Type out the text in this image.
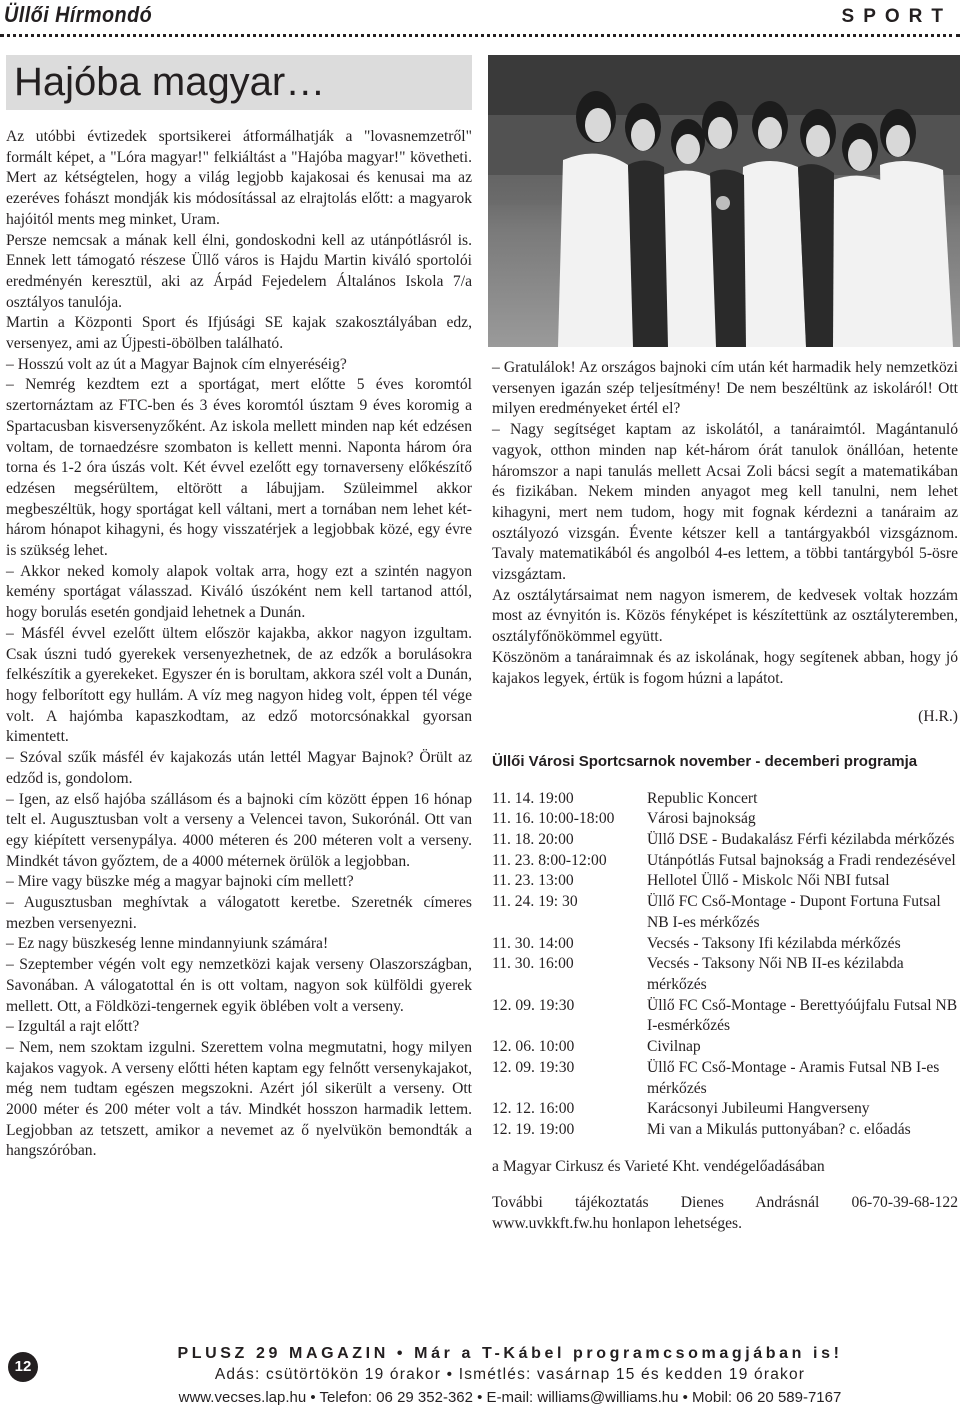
Üllői Hírmondó	SPORT
Hajóba magyar…

Az utóbbi évtizedek sportsikerei átformálhatják a "lovasnemzetről" formált képet, a "Lóra magyar!" felkiáltást a "Hajóba magyar!" követheti. Mert az kétségtelen, hogy a világ legjobb kajakosai és kenusai ma az ezeréves fohászt mondják kis módosítással az elrajtolás előtt: a magyarok hajóitól ments meg minket, Uram.

Persze nemcsak a mának kell élni, gondoskodni kell az utánpótlásról is. Ennek lett támogató részese Üllő város is Hajdu Martin kiváló sportolói eredményén keresztül, aki az Árpád Fejedelem Általános Iskola 7/a osztályos tanulója.

Martin a Központi Sport és Ifjúsági SE kajak szakosztályában edz, versenyez, ami az Újpesti-öbölben található.

– Hosszú volt az út a Magyar Bajnok cím elnyeréséig?

– Nemrég kezdtem ezt a sportágat, mert előtte 5 éves koromtól szertornáztam az FTC-ben és 3 éves koromtól úsztam 9 éves koromig a Spartacusban kisversenyzőként. Az iskola mellett minden nap két edzésen voltam, de tornaedzésre szombaton is kellett menni. Naponta három óra torna és 1-2 óra úszás volt. Két évvel ezelőtt egy tornaverseny előkészítő edzésen megsérültem, eltörött a lábujjam. Szüleimmel akkor megbeszéltük, hogy sportágat kell váltani, mert a tornában nem lehet két-három hónapot kihagyni, és hogy visszatérjek a legjobbak közé, egy évre is szükség lehet.

– Akkor neked komoly alapok voltak arra, hogy ezt a szintén nagyon kemény sportágat válasszad. Kiváló úszóként nem kell tartanod attól, hogy borulás esetén gondjaid lehetnek a Dunán.

– Másfél évvel ezelőtt ültem először kajakba, akkor nagyon izgultam. Csak úszni tudó gyerekek versenyezhetnek, de az edzők a borulásokra felkészítik a gyerekeket. Egyszer én is borultam, akkora szél volt a Dunán, hogy felborított egy hullám. A víz meg nagyon hideg volt, éppen tél vége volt. A hajómba kapaszkodtam, az edző motorcsónakkal gyorsan kimentett.

– Szóval szűk másfél év kajakozás után lettél Magyar Bajnok? Örült az edződ is, gondolom.

– Igen, az első hajóba szállásom és a bajnoki cím között éppen 16 hónap telt el. Augusztusban volt a verseny a Velencei tavon, Sukorónál. Ott van egy kiépített versenypálya. 4000 méteren és 200 méteren volt a verseny. Mindkét távon győztem, de a 4000 méternek örülök a legjobban.

– Mire vagy büszke még a magyar bajnoki cím mellett?

– Augusztusban meghívtak a válogatott keretbe. Szeretnék címeres mezben versenyezni.

– Ez nagy büszkeség lenne mindannyiunk számára!

– Szeptember végén volt egy nemzetközi kajak verseny Olaszországban, Savonában. A válogatottal én is ott voltam, nagyon sok külföldi gyerek mellett. Ott, a Földközi-tengernek egyik öblében volt a verseny.

– Izgultál a rajt előtt?

– Nem, nem szoktam izgulni. Szerettem volna megmutatni, hogy milyen kajakos vagyok. A verseny előtti héten kaptam egy felnőtt versenykajakot, még nem tudtam egészen megszokni. Azért jól sikerült a verseny. Ott 2000 méter és 200 méter volt a táv. Mindkét hosszon harmadik lettem. Legjobban az tetszett, amikor a nevemet az ő nyelvükön bemondták a hangszóróban.

– Gratulálok! Az országos bajnoki cím után két harmadik hely nemzetközi versenyen igazán szép teljesítmény! De nem beszéltünk az iskoláról! Ott milyen eredményeket értél el?

– Nagy segítséget kaptam az iskolától, a tanáraimtól. Magántanuló vagyok, otthon minden nap két-három órát tanulok önállóan, hetente háromszor a napi tanulás mellett Acsai Zoli bácsi segít a matematikában és fizikában. Nekem minden anyagot meg kell tanulni, nem lehet kihagyni, mert nem tudom, hogy mit fognak kérdezni a tanáraim az osztályozó vizsgán. Évente kétszer kell a tantárgyakból vizsgáznom. Tavaly matematikából és angolból 4-es lettem, a többi tantárgyból 5-ösre vizsgáztam.

Az osztálytársaimat nem nagyon ismerem, de kedvesek voltak hozzám most az évnyitón is. Közös fényképet is készítettünk az osztályteremben, osztályfőnökömmel együtt.

Köszönöm a tanáraimnak és az iskolának, hogy segítenek abban, hogy jó kajakos legyek, értük is fogom húzni a lapátot.

(H.R.)

Üllői Városi Sportcsarnok november - decemberi programja

11. 14. 19:00	Republic Koncert
11. 16. 10:00-18:00	Városi bajnokság
11. 18. 20:00	Üllő DSE - Budakalász Férfi kézilabda mérkőzés
11. 23. 8:00-12:00	Utánpótlás Futsal bajnokság a Fradi rendezésével
11. 23. 13:00	Hellotel Üllő - Miskolc Női NBI futsal
11. 24. 19: 30	Üllő FC Cső-Montage - Dupont Fortuna Futsal NB I-es mérkőzés
11. 30. 14:00	Vecsés - Taksony Ifi kézilabda mérkőzés
11. 30. 16:00	Vecsés - Taksony Női NB II-es kézilabda mérkőzés
12. 09. 19:30	Üllő FC Cső-Montage - Berettyóújfalu Futsal NB I-esmérkőzés
12. 06. 10:00	Civilnap
12. 09. 19:30	Üllő FC Cső-Montage - Aramis Futsal NB I-es mérkőzés
12. 12. 16:00	Karácsonyi Jubileumi Hangverseny
12. 19. 19:00	Mi van a Mikulás puttonyában? c. előadás

a Magyar Cirkusz és Varieté Kht. vendégelőadásában

További tájékoztatás Dienes Andrásnál 06-70-39-68-122 www.uvkkft.fw.hu honlapon lehetséges.

12
PLUSZ 29 MAGAZIN • Már a T-Kábel programcsomagjában is!
Adás: csütörtökön 19 órakor • Ismétlés: vasárnap 15 és kedden 19 órakor
www.vecses.lap.hu • Telefon: 06 29 352-362 • E-mail: williams@williams.hu • Mobil: 06 20 589-7167
